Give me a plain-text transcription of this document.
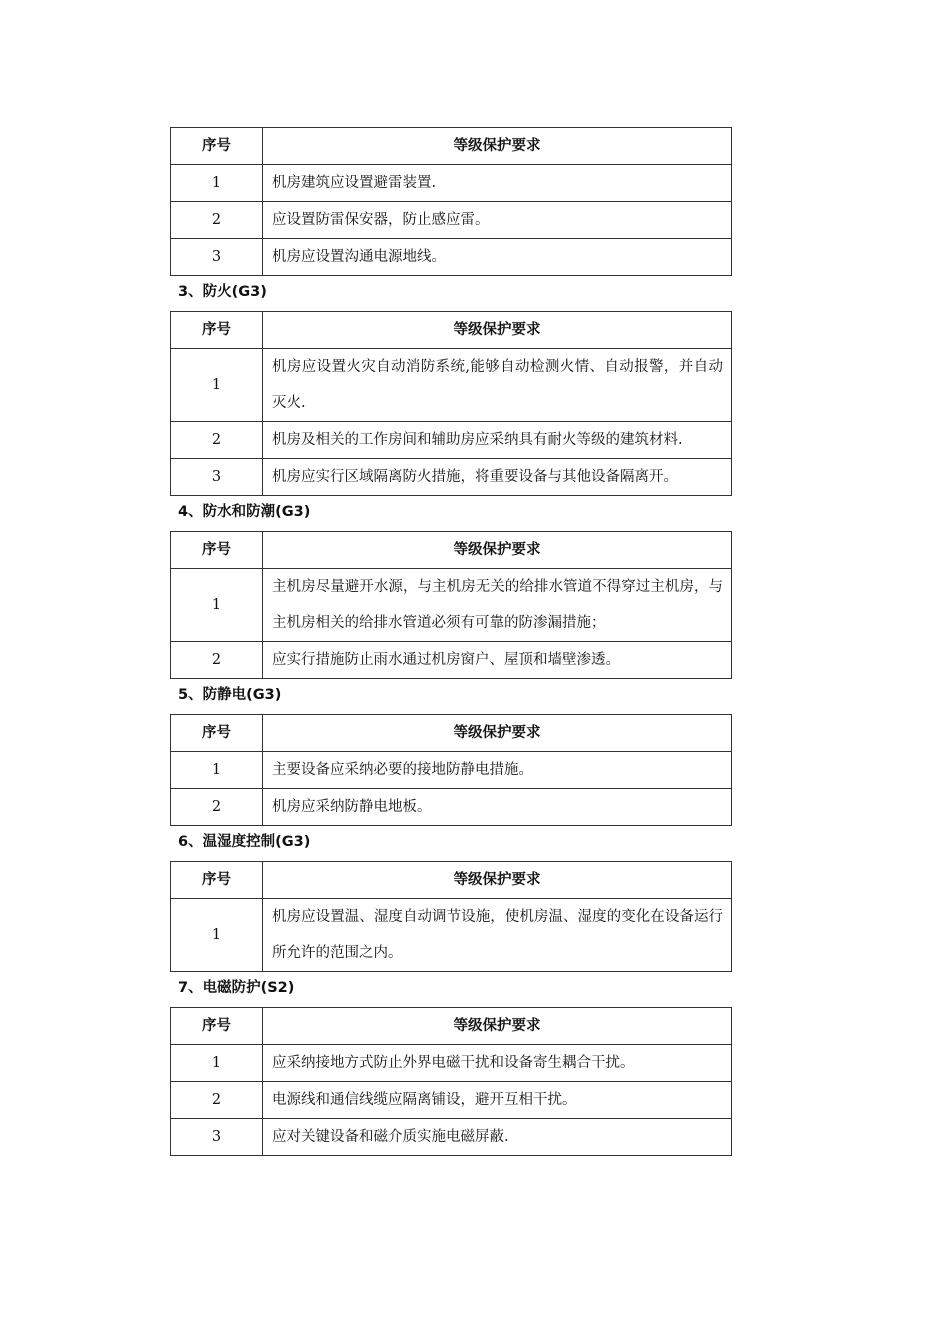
序号	等级保护要求
1	机房建筑应设置避雷装置.
2	应设置防雷保安器，防止感应雷。
3	机房应设置沟通电源地线。
3、防火(G3)
序号	等级保护要求
1	机房应设置火灾自动消防系统,能够自动检测火情、自动报警，并自动灭火.
2	机房及相关的工作房间和辅助房应采纳具有耐火等级的建筑材料.
3	机房应实行区域隔离防火措施，将重要设备与其他设备隔离开。
4、防水和防潮(G3)
序号	等级保护要求
1	主机房尽量避开水源，与主机房无关的给排水管道不得穿过主机房，与主机房相关的给排水管道必须有可靠的防渗漏措施；
2	应实行措施防止雨水通过机房窗户、屋顶和墙壁渗透。
5、防静电(G3)
序号	等级保护要求
1	主要设备应采纳必要的接地防静电措施。
2	机房应采纳防静电地板。
6、温湿度控制(G3)
序号	等级保护要求
1	机房应设置温、湿度自动调节设施，使机房温、湿度的变化在设备运行所允许的范围之内。
7、电磁防护(S2)
序号	等级保护要求
1	应采纳接地方式防止外界电磁干扰和设备寄生耦合干扰。
2	电源线和通信线缆应隔离铺设，避开互相干扰。
3	应对关键设备和磁介质实施电磁屏蔽.
